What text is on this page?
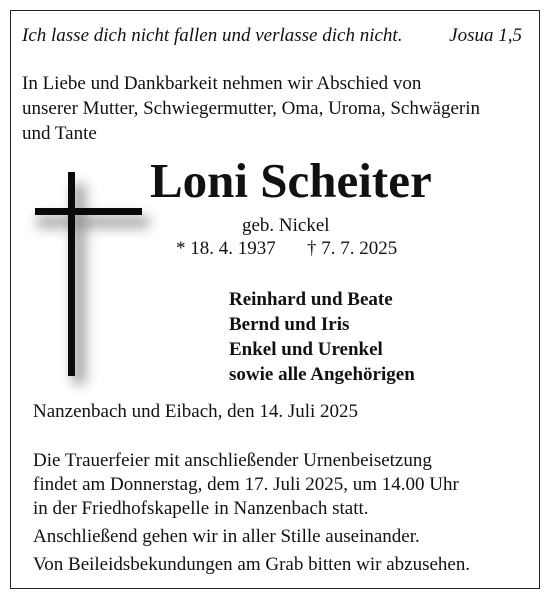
Ich lasse dich nicht fallen und verlasse dich nicht. Josua 1,5
In Liebe und Dankbarkeit nehmen wir Abschied von
unserer Mutter, Schwiegermutter, Oma, Uroma, Schwägerin
und Tante
Loni Scheiter
geb. Nickel
* 18. 4. 1937 † 7. 7. 2025
Reinhard und Beate
Bernd und Iris
Enkel und Urenkel
sowie alle Angehörigen
Nanzenbach und Eibach, den 14. Juli 2025
Die Trauerfeier mit anschließender Urnenbeisetzung
findet am Donnerstag, dem 17. Juli 2025, um 14.00 Uhr
in der Friedhofskapelle in Nanzenbach statt.
Anschließend gehen wir in aller Stille auseinander.
Von Beileidsbekundungen am Grab bitten wir abzusehen.
